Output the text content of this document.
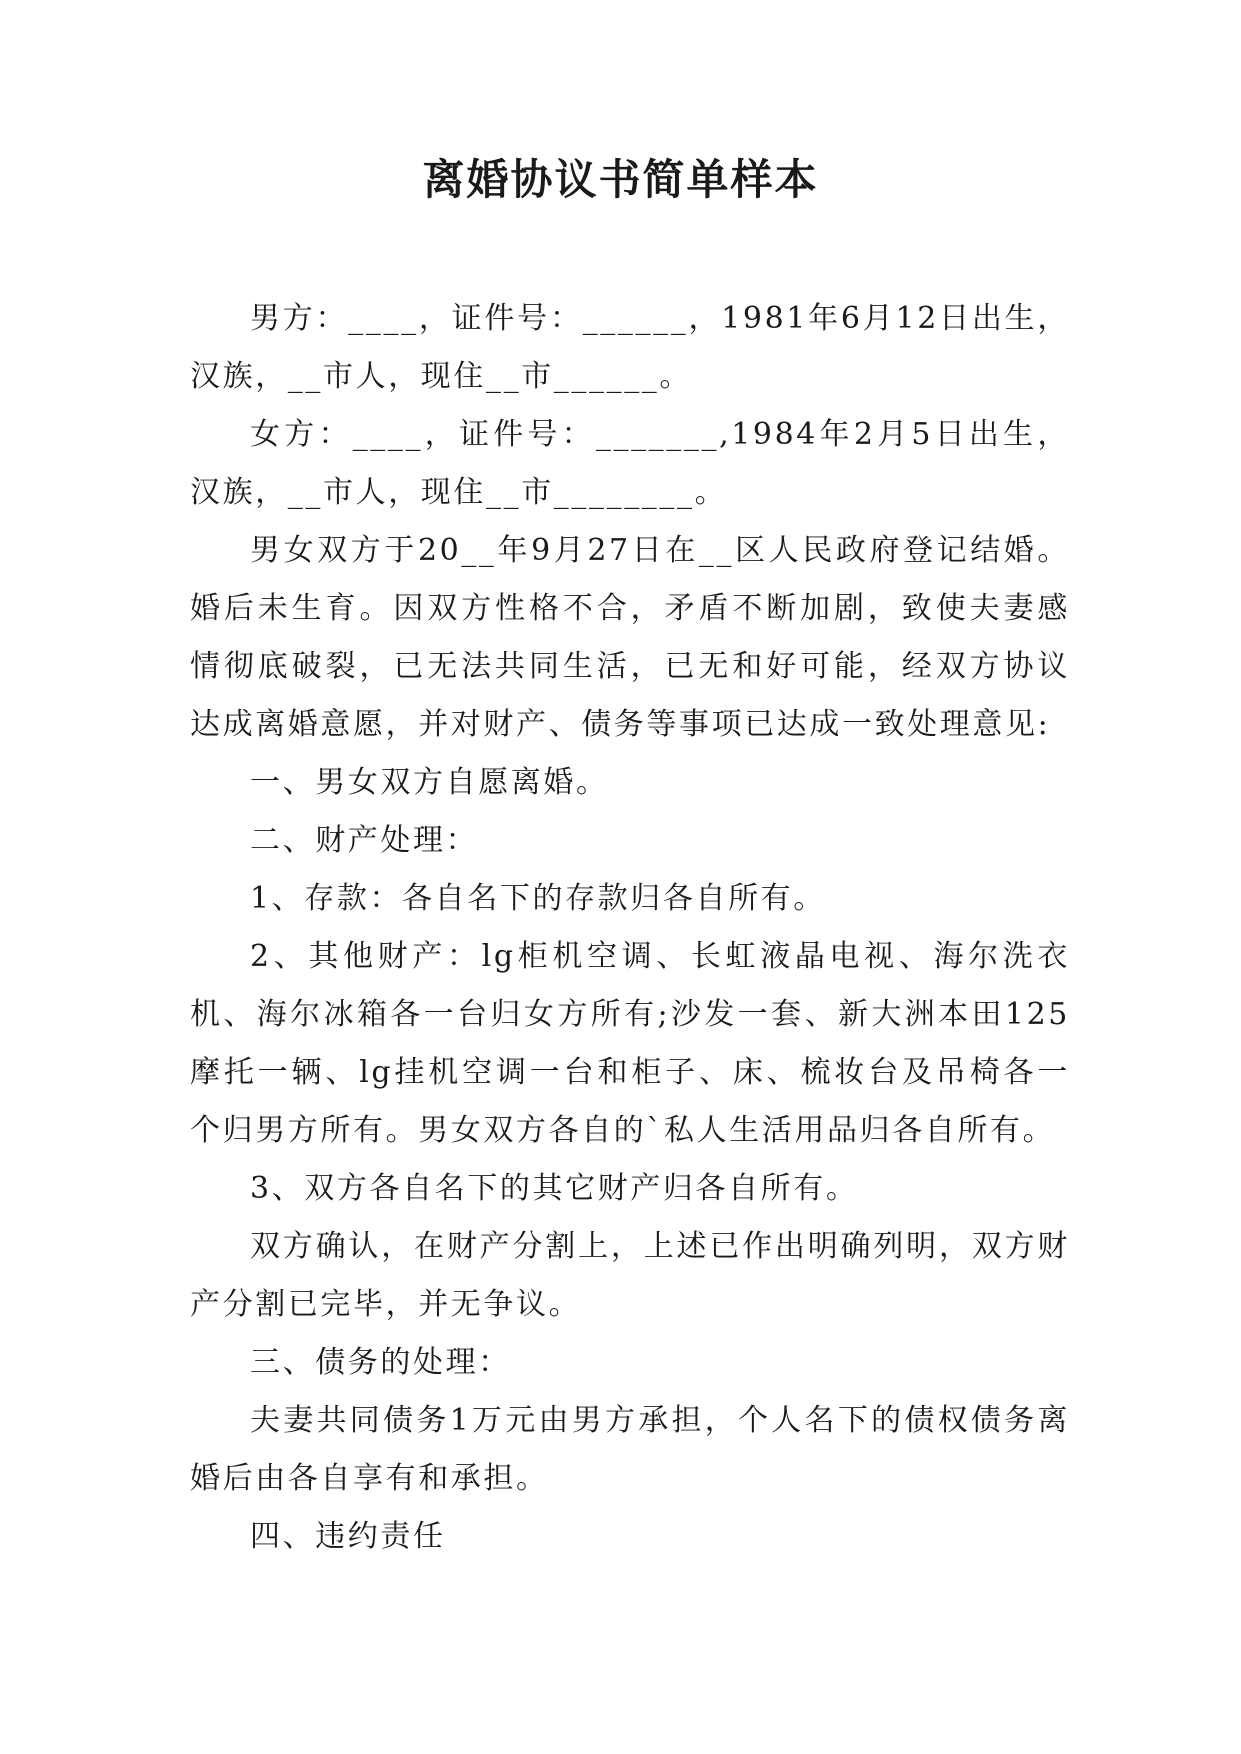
离婚协议书简单样本

男方：____，证件号：______，1981年6月12日出生，汉族，__市人，现住__市______。

女方：____，证件号：_______,1984年2月5日出生，汉族，__市人，现住__市________。

男女双方于20__年9月27日在__区人民政府登记结婚。婚后未生育。因双方性格不合，矛盾不断加剧，致使夫妻感情彻底破裂，已无法共同生活，已无和好可能，经双方协议达成离婚意愿，并对财产、债务等事项已达成一致处理意见:

一、男女双方自愿离婚。

二、财产处理：

1、存款：各自名下的存款归各自所有。

2、其他财产：lg柜机空调、长虹液晶电视、海尔洗衣机、海尔冰箱各一台归女方所有;沙发一套、新大洲本田125摩托一辆、lg挂机空调一台和柜子、床、梳妆台及吊椅各一个归男方所有。男女双方各自的`私人生活用品归各自所有。

3、双方各自名下的其它财产归各自所有。

双方确认，在财产分割上，上述已作出明确列明，双方财产分割已完毕，并无争议。

三、债务的处理：

夫妻共同债务1万元由男方承担，个人名下的债权债务离婚后由各自享有和承担。

四、违约责任
